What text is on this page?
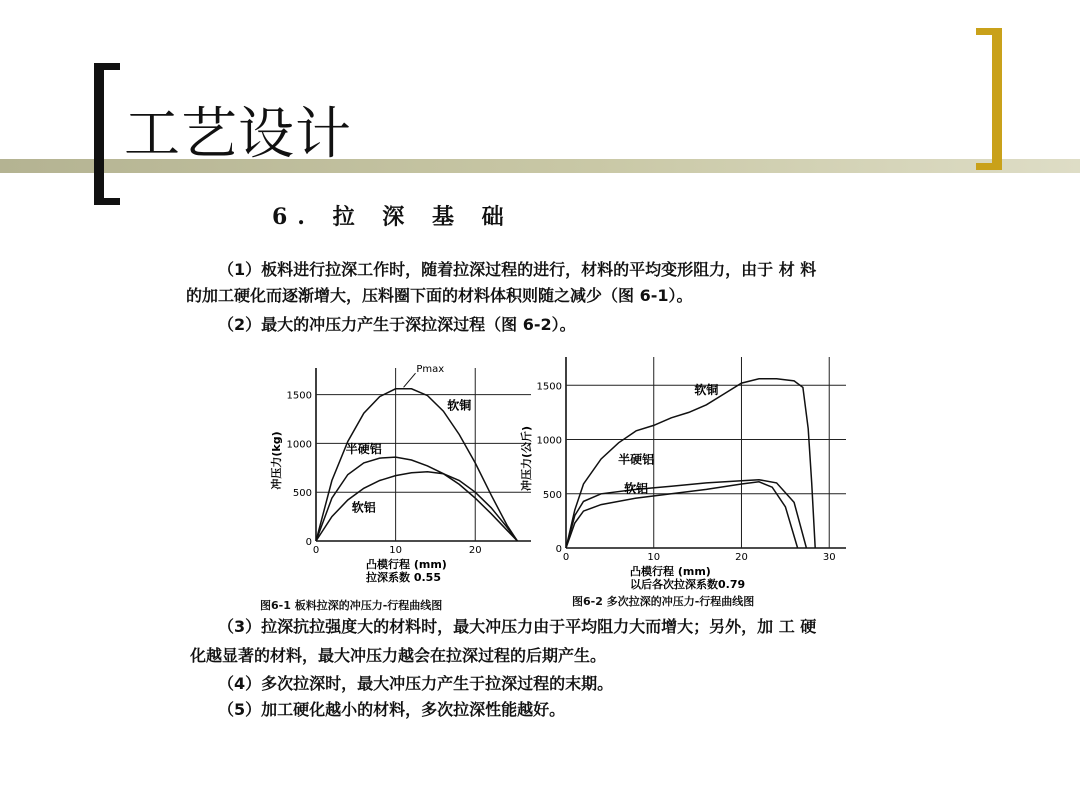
工艺设计
6. 拉 深 基 础
（1）板料进行拉深工作时，随着拉深过程的进行，材料的平均变形阻力，由于 材 料
的加工硬化而逐渐增大，压料圈下面的材料体积则随之减少（图 6-1）。
（2）最大的冲压力产生于深拉深过程（图 6-2）。
0
500
1000
1500
0	10	20
软铜
半硬铝
软铝
冲压力(kg)
凸模行程 (mm)
拉深系数 0.55
Pmax
0
500
1000
1500
0	10	20	30
软铜
半硬铝
软铝
冲压力(公斤)
凸模行程 (mm)
以后各次拉深系数0.79
图6-1 板料拉深的冲压力-行程曲线图	图6-2 多次拉深的冲压力-行程曲线图
（3）拉深抗拉强度大的材料时，最大冲压力由于平均阻力大而增大；另外，加 工 硬
化越显著的材料，最大冲压力越会在拉深过程的后期产生。
（4）多次拉深时，最大冲压力产生于拉深过程的末期。
（5）加工硬化越小的材料，多次拉深性能越好。
